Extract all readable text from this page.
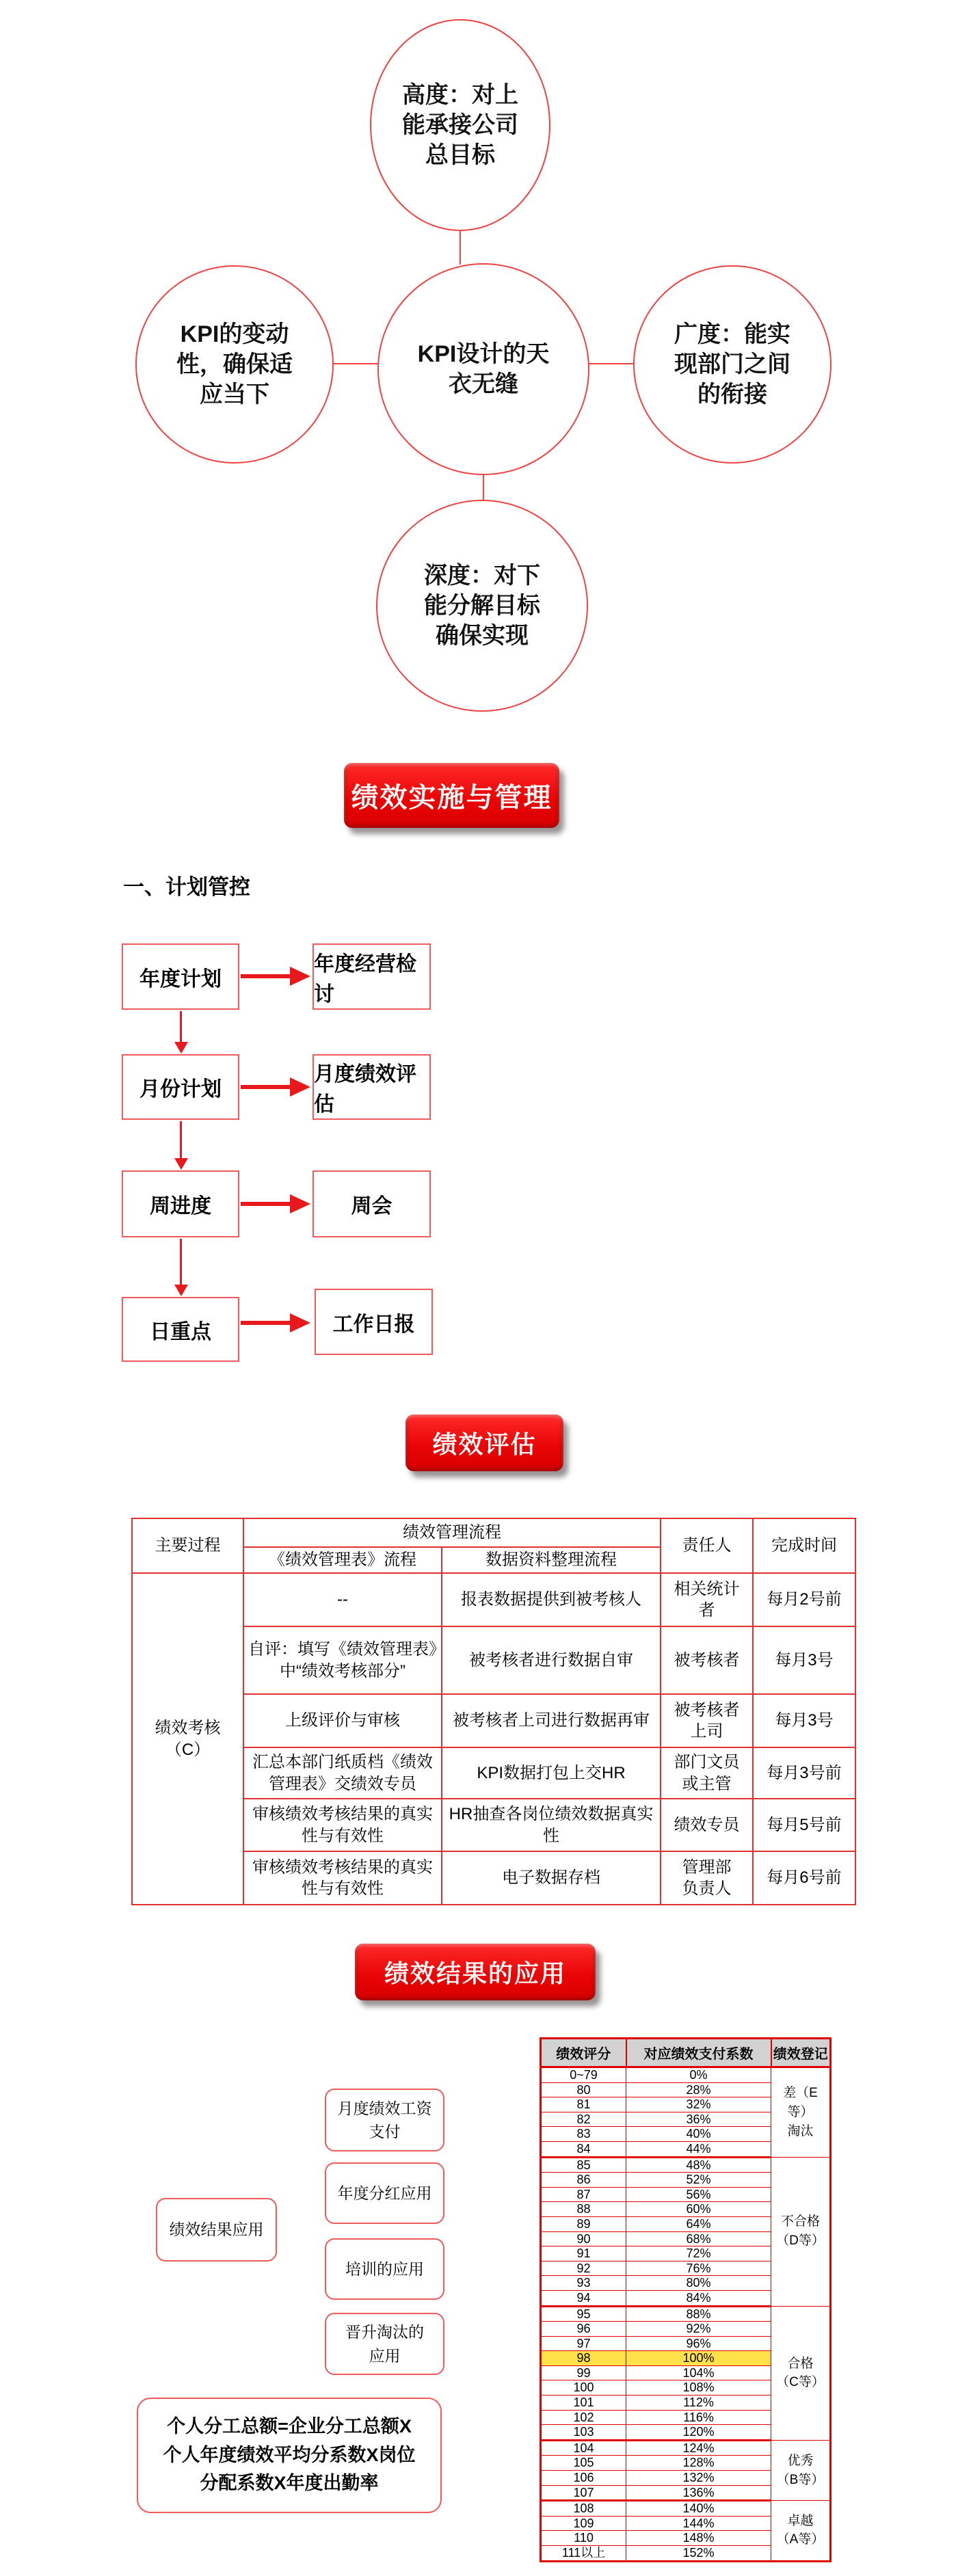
高度：对上
能承接公司
总目标
KPI的变动
性，确保适
应当下
KPI设计的天
衣无缝
广度：能实
现部门之间
的衔接
深度：对下
能分解目标
确保实现
绩效实施与管理
一、计划管控
年度计划
年度经营检讨
月份计划
月度绩效评估
周进度	周会
日重点	工作日报
绩效评估
主要过程	绩效管理流程		责任人	完成时间
	《绩效管理表》流程	数据资料整理流程		
绩效考核
（C）	--	报表数据提供到被考核人	相关统计
者	每月2号前
	自评：填写《绩效管理表》中“绩效考核部分”	被考核者进行数据自审	被考核者	每月3号
	上级评价与审核	被考核者上司进行数据再审	被考核者
上司	每月3号
	汇总本部门纸质档《绩效管理表》交绩效专员	KPI数据打包上交HR	部门文员
或主管	每月3号前
	审核绩效考核结果的真实性与有效性	HR抽查各岗位绩效数据真实性	绩效专员	每月5号前
	审核绩效考核结果的真实性与有效性	电子数据存档	管理部
负责人	每月6号前
绩效结果的应用
绩效结果应用
月度绩效工资
支付
年度分红应用
培训的应用
晋升淘汰的
应用
个人分工总额=企业分工总额X
个人年度绩效平均分系数X岗位
分配系数X年度出勤率
绩效评分	对应绩效支付系数	绩效登记
0~79	0%	差（E等）
淘汰
80	28%	
81	32%	
82	36%	
83	40%	
84	44%	
85	48%	不合格
（D等）
86	52%	
87	56%	
88	60%	
89	64%	
90	68%	
91	72%	
92	76%	
93	80%	
94	84%	
95	88%	合格
（C等）
96	92%	
97	96%	
98	100%	
99	104%	
100	108%	
101	112%	
102	116%	
103	120%	
104	124%	优秀
（B等）
105	128%	
106	132%	
107	136%	
108	140%	卓越
（A等）
109	144%	
110	148%	
111以上	152%	
